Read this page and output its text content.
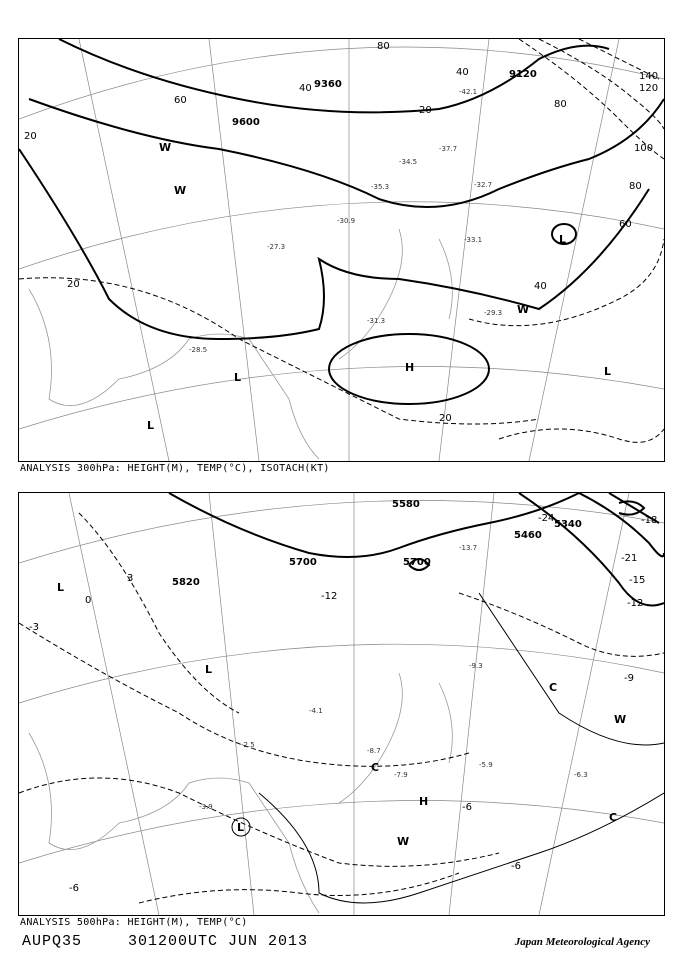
9360
9600
9120
20
20
20
20
40
40
40
60
60
80
80
80
100
120
140
H
L
L
L
L
W
W
W
-30.9
-31.3
-29.3
-35.3
-37.7
-42.1
-32.7
-34.5
-33.1
-28.5
-27.3
ANALYSIS 300hPa: HEIGHT(M), TEMP(°C), ISOTACH(KT)
5700	5700
5820
5580
5340
5460
-3
3
0
-6
-6
-6
-9
-12
-12
-15
-18
-21
-24
L
L
L
H
W
W
C
C
C	-5.9
-6.3
-7.9
-8.7
-9.3
-13.7
-3.9
-2.5
-4.1
ANALYSIS 500hPa: HEIGHT(M), TEMP(°C)
AUPQ35	301200UTC JUN 2013	Japan Meteorological Agency
